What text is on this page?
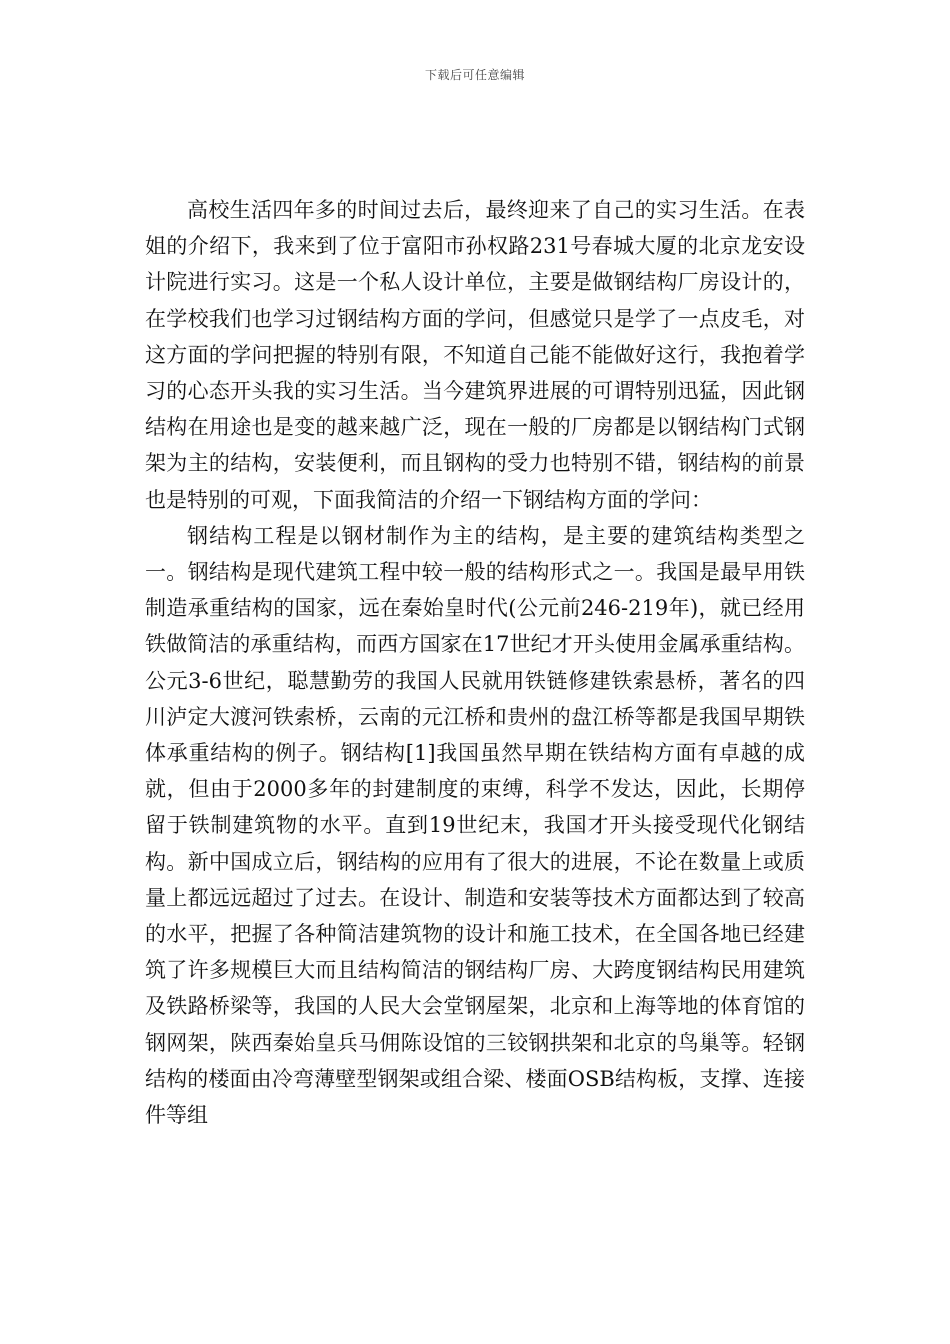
下载后可任意编辑

高校生活四年多的时间过去后，最终迎来了自己的实习生活。在表姐的介绍下，我来到了位于富阳市孙权路231号春城大厦的北京龙安设计院进行实习。这是一个私人设计单位，主要是做钢结构厂房设计的，在学校我们也学习过钢结构方面的学问，但感觉只是学了一点皮毛，对这方面的学问把握的特别有限，不知道自己能不能做好这行，我抱着学习的心态开头我的实习生活。当今建筑界进展的可谓特别迅猛，因此钢结构在用途也是变的越来越广泛，现在一般的厂房都是以钢结构门式钢架为主的结构，安装便利，而且钢构的受力也特别不错，钢结构的前景也是特别的可观，下面我简洁的介绍一下钢结构方面的学问：

钢结构工程是以钢材制作为主的结构，是主要的建筑结构类型之一。钢结构是现代建筑工程中较一般的结构形式之一。我国是最早用铁制造承重结构的国家，远在秦始皇时代(公元前246-219年)，就已经用铁做简洁的承重结构，而西方国家在17世纪才开头使用金属承重结构。公元3-6世纪，聪慧勤劳的我国人民就用铁链修建铁索悬桥，著名的四川泸定大渡河铁索桥，云南的元江桥和贵州的盘江桥等都是我国早期铁体承重结构的例子。钢结构[1]我国虽然早期在铁结构方面有卓越的成就，但由于2000多年的封建制度的束缚，科学不发达，因此，长期停留于铁制建筑物的水平。直到19世纪末，我国才开头接受现代化钢结构。新中国成立后，钢结构的应用有了很大的进展，不论在数量上或质量上都远远超过了过去。在设计、制造和安装等技术方面都达到了较高的水平，把握了各种简洁建筑物的设计和施工技术，在全国各地已经建筑了许多规模巨大而且结构简洁的钢结构厂房、大跨度钢结构民用建筑及铁路桥梁等，我国的人民大会堂钢屋架，北京和上海等地的体育馆的钢网架，陕西秦始皇兵马佣陈设馆的三铰钢拱架和北京的鸟巢等。轻钢结构的楼面由冷弯薄壁型钢架或组合梁、楼面OSB结构板，支撑、连接件等组
